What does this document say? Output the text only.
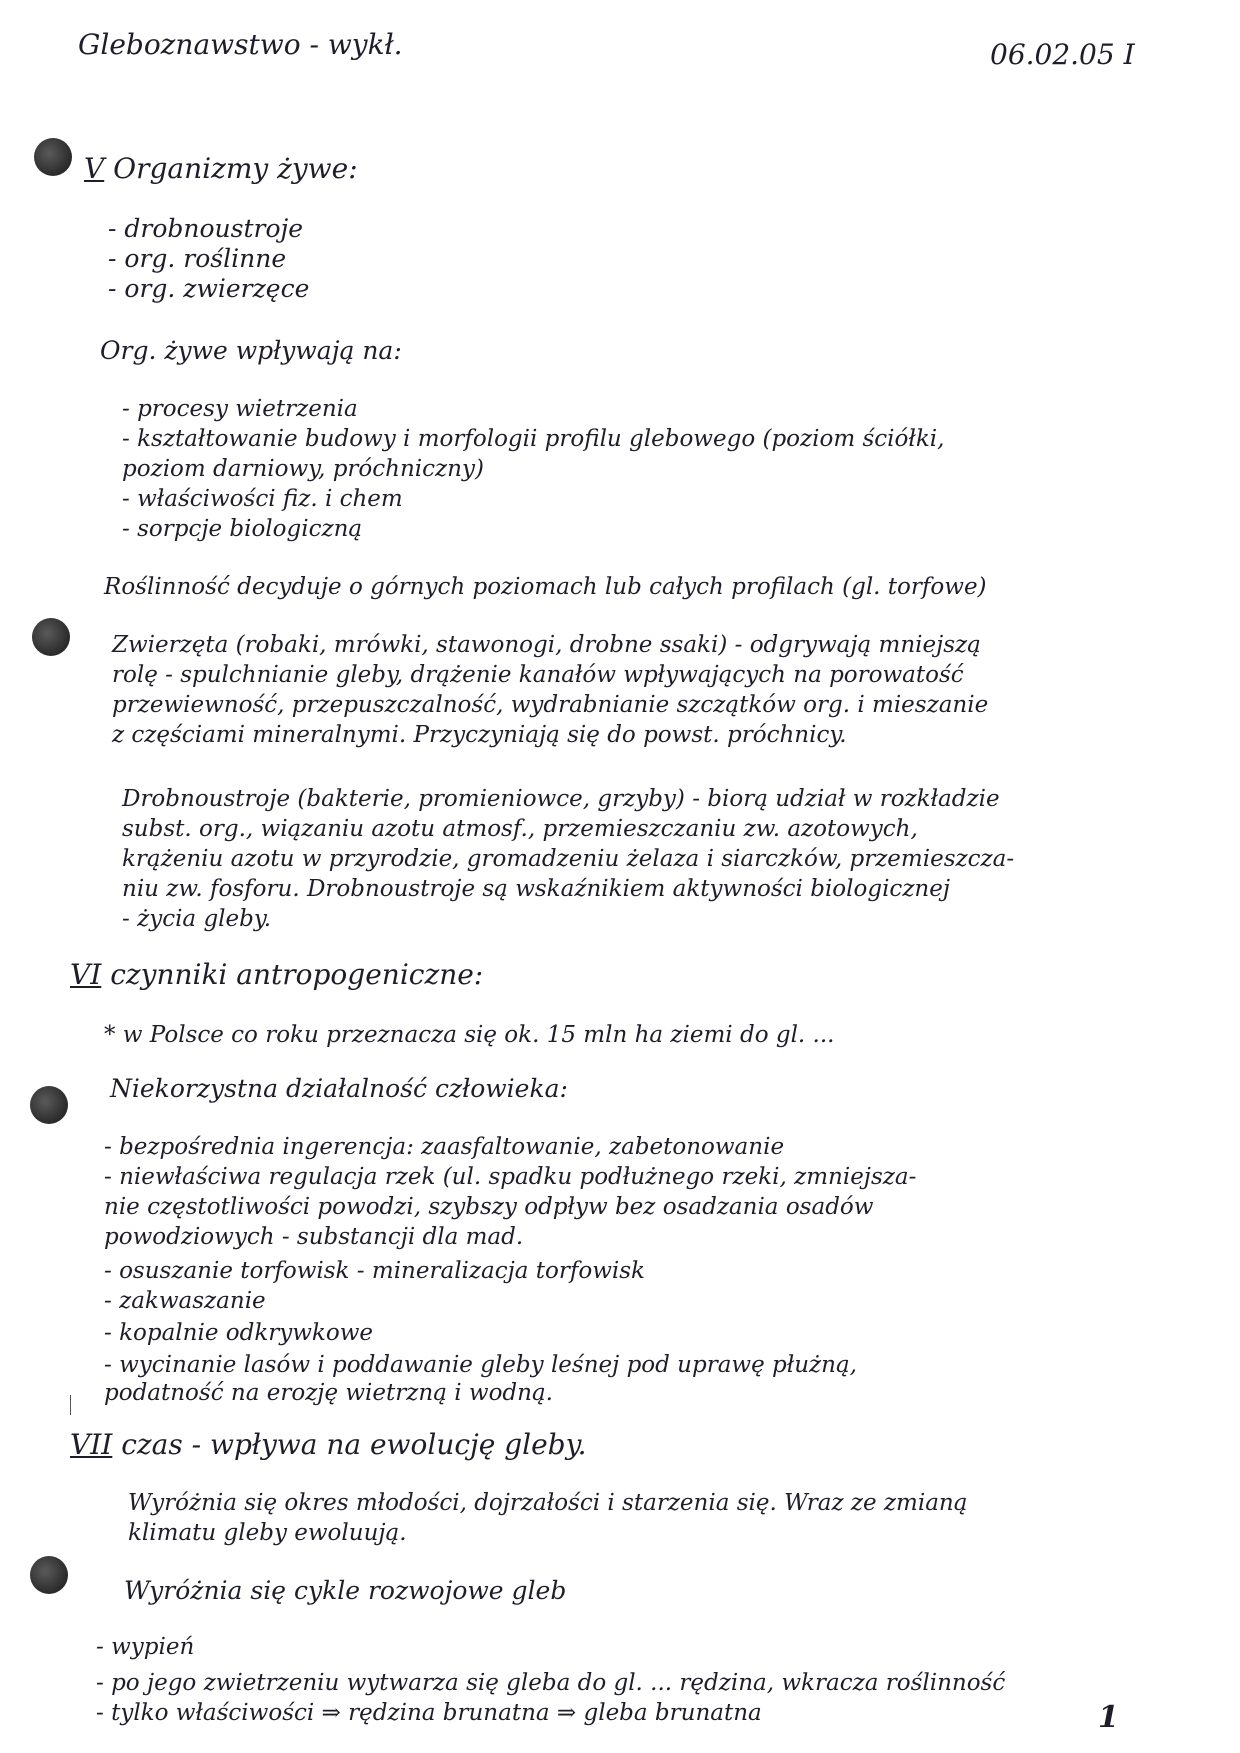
Gleboznawstwo - wykł.	06.02.05 I
V Organizmy żywe:
- drobnoustroje
- org. roślinne
- org. zwierzęce
Org. żywe wpływają na:
- procesy wietrzenia
- kształtowanie budowy i morfologii profilu glebowego (poziom ściółki,
poziom darniowy, próchniczny)
- właściwości fiz. i chem
- sorpcje biologiczną
Roślinność decyduje o górnych poziomach lub całych profilach (gl. torfowe)
Zwierzęta (robaki, mrówki, stawonogi, drobne ssaki) - odgrywają mniejszą
rolę - spulchnianie gleby, drążenie kanałów wpływających na porowatość
przewiewność, przepuszczalność, wydrabnianie szczątków org. i mieszanie
z częściami mineralnymi. Przyczyniają się do powst. próchnicy.
Drobnoustroje (bakterie, promieniowce, grzyby) - biorą udział w rozkładzie
subst. org., wiązaniu azotu atmosf., przemieszczaniu zw. azotowych,
krążeniu azotu w przyrodzie, gromadzeniu żelaza i siarczków, przemieszcza-
niu zw. fosforu. Drobnoustroje są wskaźnikiem aktywności biologicznej
- życia gleby.
VI czynniki antropogeniczne:
* w Polsce co roku przeznacza się ok. 15 mln ha ziemi do gl. ...
Niekorzystna działalność człowieka:
- bezpośrednia ingerencja: zaasfaltowanie, zabetonowanie
- niewłaściwa regulacja rzek (ul. spadku podłużnego rzeki, zmniejsza-
nie częstotliwości powodzi, szybszy odpływ bez osadzania osadów
powodziowych - substancji dla mad.
- osuszanie torfowisk - mineralizacja torfowisk
- zakwaszanie
- kopalnie odkrywkowe
- wycinanie lasów i poddawanie gleby leśnej pod uprawę płużną,
podatność na erozję wietrzną i wodną.
VII czas - wpływa na ewolucję gleby.
Wyróżnia się okres młodości, dojrzałości i starzenia się. Wraz ze zmianą
klimatu gleby ewoluują.
Wyróżnia się cykle rozwojowe gleb
- wypień
- po jego zwietrzeniu wytwarza się gleba do gl. ... rędzina, wkracza roślinność
- tylko właściwości ⇒ rędzina brunatna ⇒ gleba brunatna	1
